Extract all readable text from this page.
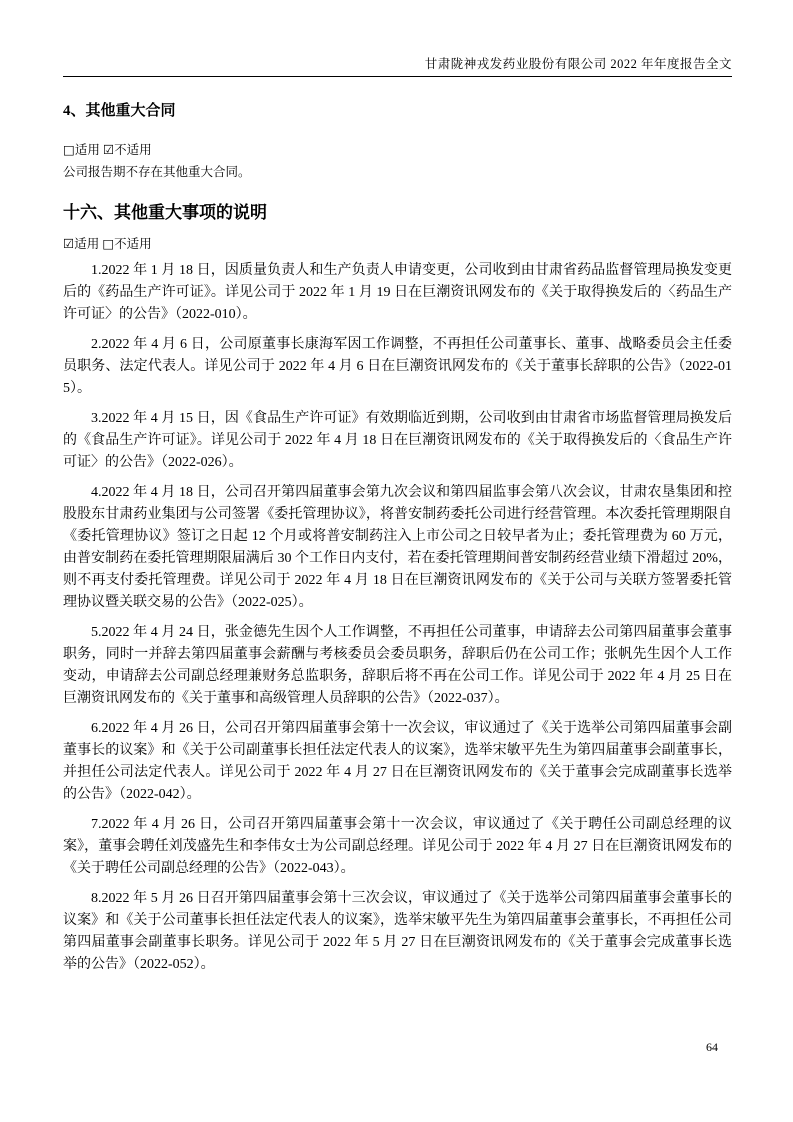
甘肃陇神戎发药业股份有限公司 2022 年年度报告全文
4、其他重大合同

□适用 ☑不适用

公司报告期不存在其他重大合同。

十六、其他重大事项的说明

☑适用 □不适用

1.2022 年 1 月 18 日，因质量负责人和生产负责人申请变更，公司收到由甘肃省药品监督管理局换发变更后的《药品生产许可证》。详见公司于 2022 年 1 月 19 日在巨潮资讯网发布的《关于取得换发后的〈药品生产许可证〉的公告》（2022-010）。

2.2022 年 4 月 6 日，公司原董事长康海军因工作调整，不再担任公司董事长、董事、战略委员会主任委员职务、法定代表人。详见公司于 2022 年 4 月 6 日在巨潮资讯网发布的《关于董事长辞职的公告》（2022-015）。

3.2022 年 4 月 15 日，因《食品生产许可证》有效期临近到期，公司收到由甘肃省市场监督管理局换发后的《食品生产许可证》。详见公司于 2022 年 4 月 18 日在巨潮资讯网发布的《关于取得换发后的〈食品生产许可证〉的公告》（2022-026）。

4.2022 年 4 月 18 日，公司召开第四届董事会第九次会议和第四届监事会第八次会议，甘肃农垦集团和控股股东甘肃药业集团与公司签署《委托管理协议》，将普安制药委托公司进行经营管理。本次委托管理期限自《委托管理协议》签订之日起 12 个月或将普安制药注入上市公司之日较早者为止；委托管理费为 60 万元，由普安制药在委托管理期限届满后 30 个工作日内支付，若在委托管理期间普安制药经营业绩下滑超过 20%，则不再支付委托管理费。详见公司于 2022 年 4 月 18 日在巨潮资讯网发布的《关于公司与关联方签署委托管理协议暨关联交易的公告》（2022-025）。

5.2022 年 4 月 24 日，张金德先生因个人工作调整，不再担任公司董事，申请辞去公司第四届董事会董事职务，同时一并辞去第四届董事会薪酬与考核委员会委员职务，辞职后仍在公司工作；张帆先生因个人工作变动，申请辞去公司副总经理兼财务总监职务，辞职后将不再在公司工作。详见公司于 2022 年 4 月 25 日在巨潮资讯网发布的《关于董事和高级管理人员辞职的公告》（2022-037）。

6.2022 年 4 月 26 日，公司召开第四届董事会第十一次会议，审议通过了《关于选举公司第四届董事会副董事长的议案》和《关于公司副董事长担任法定代表人的议案》，选举宋敏平先生为第四届董事会副董事长，并担任公司法定代表人。详见公司于 2022 年 4 月 27 日在巨潮资讯网发布的《关于董事会完成副董事长选举的公告》（2022-042）。

7.2022 年 4 月 26 日，公司召开第四届董事会第十一次会议，审议通过了《关于聘任公司副总经理的议案》，董事会聘任刘茂盛先生和李伟女士为公司副总经理。详见公司于 2022 年 4 月 27 日在巨潮资讯网发布的《关于聘任公司副总经理的公告》（2022-043）。

8.2022 年 5 月 26 日召开第四届董事会第十三次会议，审议通过了《关于选举公司第四届董事会董事长的议案》和《关于公司董事长担任法定代表人的议案》，选举宋敏平先生为第四届董事会董事长，不再担任公司第四届董事会副董事长职务。详见公司于 2022 年 5 月 27 日在巨潮资讯网发布的《关于董事会完成董事长选举的公告》（2022-052）。

64
